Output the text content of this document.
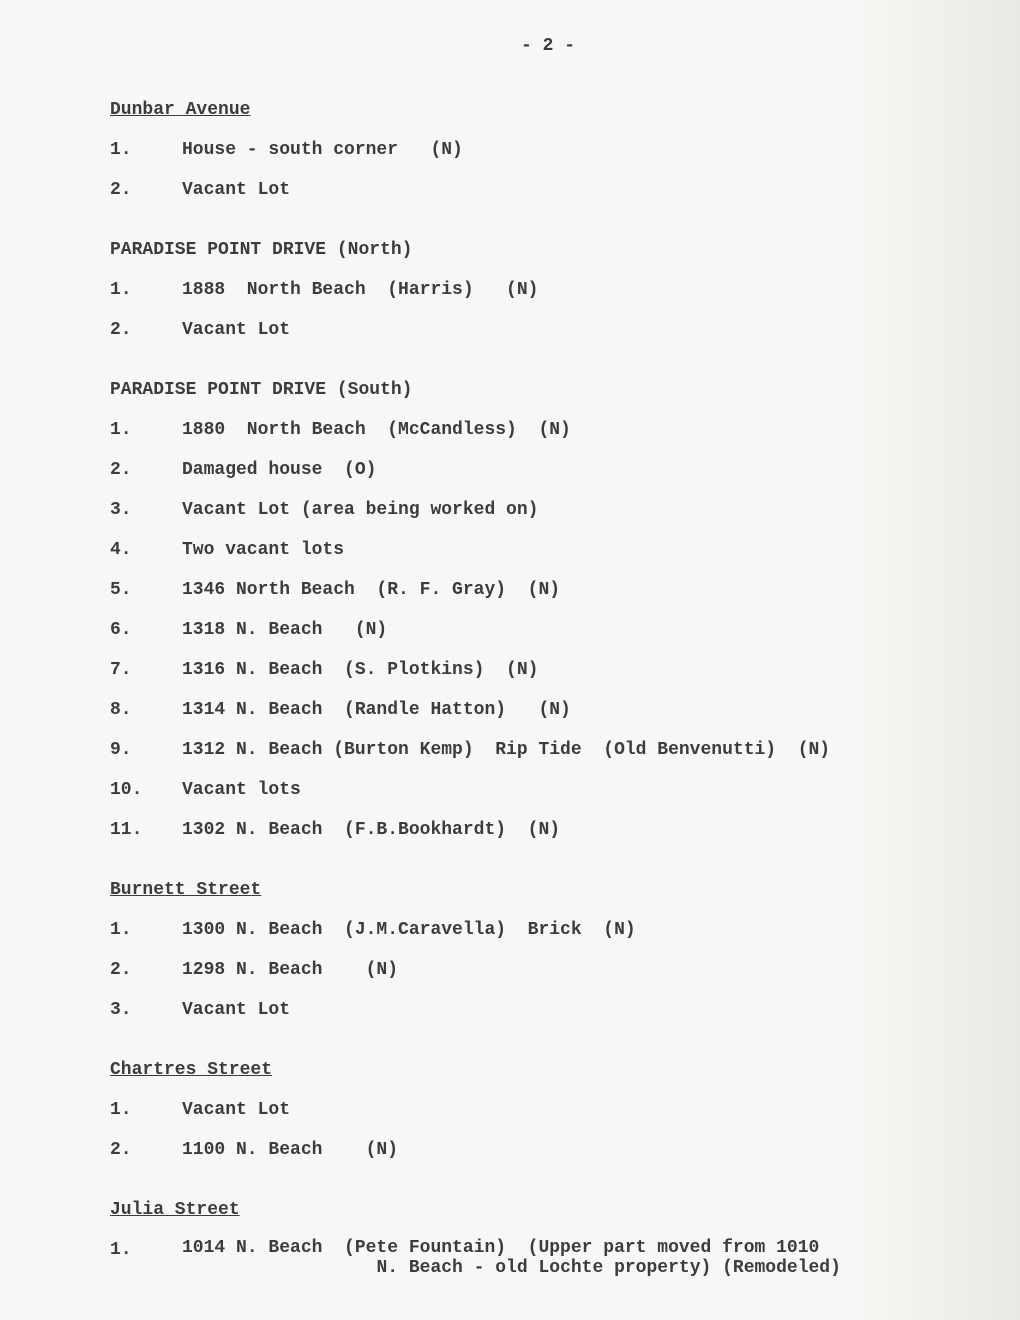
- 2 -
Dunbar Avenue
1.	House - south corner   (N)
2.	Vacant Lot
PARADISE POINT DRIVE (North)
1.	1888  North Beach  (Harris)   (N)
2.	Vacant Lot
PARADISE POINT DRIVE (South)
1.	1880  North Beach  (McCandless)  (N)
2.	Damaged house  (O)
3.	Vacant Lot (area being worked on)
4.	Two vacant lots
5.	1346 North Beach  (R. F. Gray)  (N)
6.	1318 N. Beach   (N)
7.	1316 N. Beach  (S. Plotkins)  (N)
8.	1314 N. Beach  (Randle Hatton)   (N)
9.	1312 N. Beach (Burton Kemp)  Rip Tide  (Old Benvenutti)  (N)
10.	Vacant lots
11.	1302 N. Beach  (F.B.Bookhardt)  (N)
Burnett Street
1.	1300 N. Beach  (J.M.Caravella)  Brick  (N)
2.	1298 N. Beach    (N)
3.	Vacant Lot
Chartres Street
1.	Vacant Lot
2.	1100 N. Beach    (N)
Julia Street
1.	1014 N. Beach  (Pete Fountain)  (Upper part moved from 1010
N. Beach - old Lochte property) (Remodeled)
